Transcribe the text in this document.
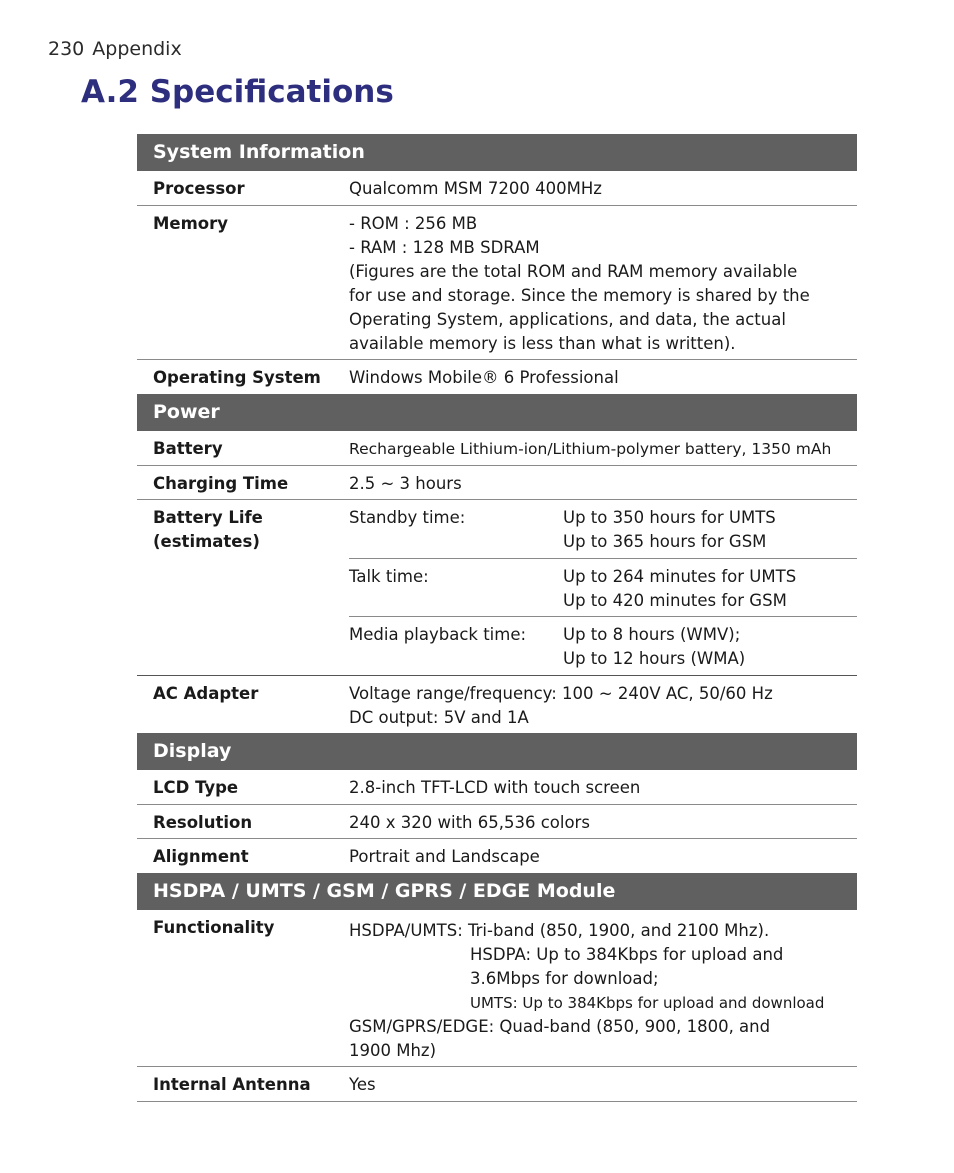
230 Appendix
A.2 Specifications
System Information
Processor	Qualcomm MSM 7200 400MHz
Memory	- ROM : 256 MB
- RAM : 128 MB SDRAM
(Figures are the total ROM and RAM memory available
for use and storage. Since the memory is shared by the
Operating System, applications, and data, the actual
available memory is less than what is written).
Operating System	Windows Mobile® 6 Professional
Power
Battery	Rechargeable Lithium-ion/Lithium-polymer battery, 1350 mAh
Charging Time	2.5 ~ 3 hours
Battery Life
(estimates)
Standby time:	Up to 350 hours for UMTS
Up to 365 hours for GSM
Talk time:	Up to 264 minutes for UMTS
Up to 420 minutes for GSM
Media playback time:	Up to 8 hours (WMV);
Up to 12 hours (WMA)
AC Adapter	Voltage range/frequency: 100 ~ 240V AC, 50/60 Hz
DC output: 5V and 1A
Display
LCD Type	2.8-inch TFT-LCD with touch screen
Resolution	240 x 320 with 65,536 colors
Alignment	Portrait and Landscape
HSDPA / UMTS / GSM / GPRS / EDGE Module
Functionality	HSDPA/UMTS: Tri-band (850, 1900, and 2100 Mhz).
HSDPA: Up to 384Kbps for upload and
3.6Mbps for download;
UMTS: Up to 384Kbps for upload and download
GSM/GPRS/EDGE: Quad-band (850, 900, 1800, and
1900 Mhz)
Internal Antenna	Yes
